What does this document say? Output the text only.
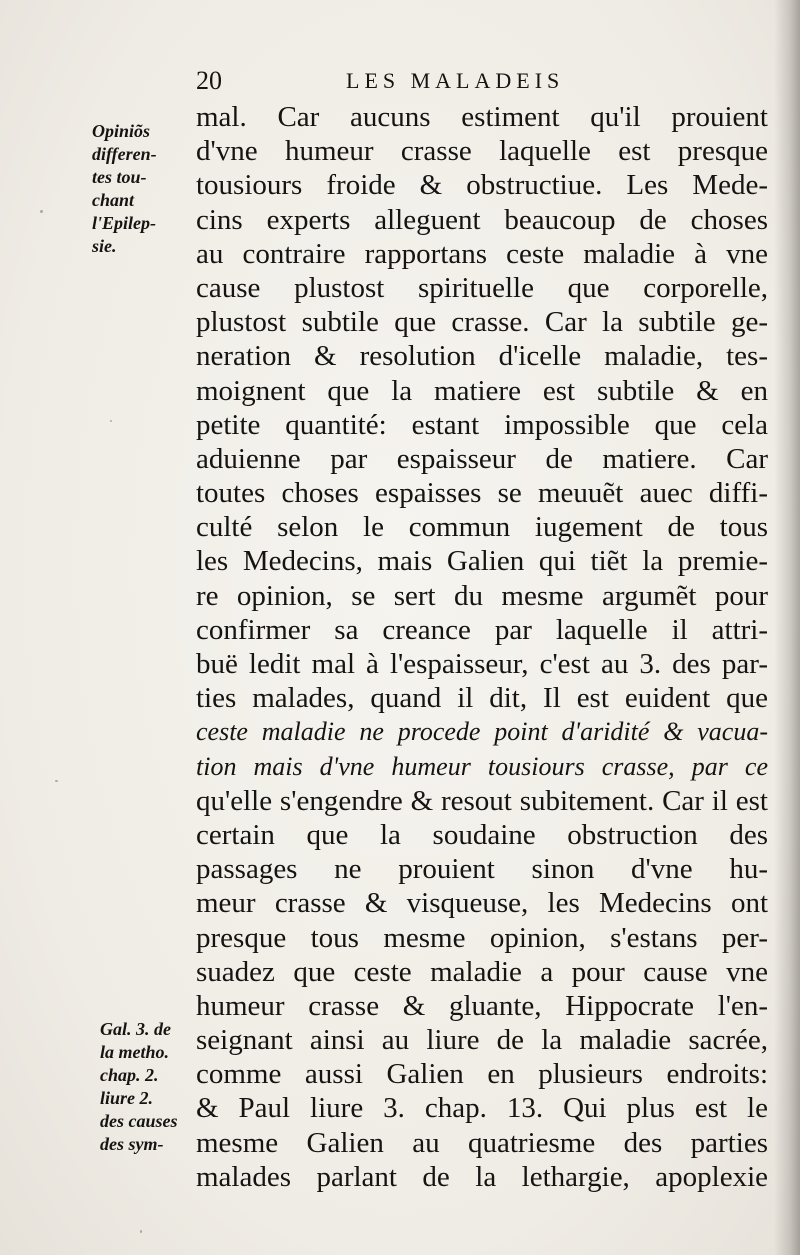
20	LES MALADEIS
Opiniõs
differen-
tes tou-
chant
l'Epilep-
sie.
Gal. 3. de
la metho.
chap. 2.
liure 2.
des causes
des sym-
mal. Car aucuns estiment qu'il prouient
d'vne humeur crasse laquelle est presque
tousiours froide & obstructiue. Les Mede-
cins experts alleguent beaucoup de choses
au contraire rapportans ceste maladie à vne
cause plustost spirituelle que corporelle,
plustost subtile que crasse. Car la subtile ge-
neration & resolution d'icelle maladie, tes-
moignent que la matiere est subtile & en
petite quantité: estant impossible que cela
aduienne par espaisseur de matiere. Car
toutes choses espaisses se meuuẽt auec diffi-
culté selon le commun iugement de tous
les Medecins, mais Galien qui tiẽt la premie-
re opinion, se sert du mesme argumẽt pour
confirmer sa creance par laquelle il attri-
buë ledit mal à l'espaisseur, c'est au 3. des par-
ties malades, quand il dit, Il est euident que
ceste maladie ne procede point d'aridité & vacua-
tion mais d'vne humeur tousiours crasse, par ce
qu'elle s'engendre & resout subitement. Car il est
certain que la soudaine obstruction des
passages ne prouient sinon d'vne hu-
meur crasse & visqueuse, les Medecins ont
presque tous mesme opinion, s'estans per-
suadez que ceste maladie a pour cause vne
humeur crasse & gluante, Hippocrate l'en-
seignant ainsi au liure de la maladie sacrée,
comme aussi Galien en plusieurs endroits:
& Paul liure 3. chap. 13. Qui plus est le
mesme Galien au quatriesme des parties
malades parlant de la lethargie, apoplexie
